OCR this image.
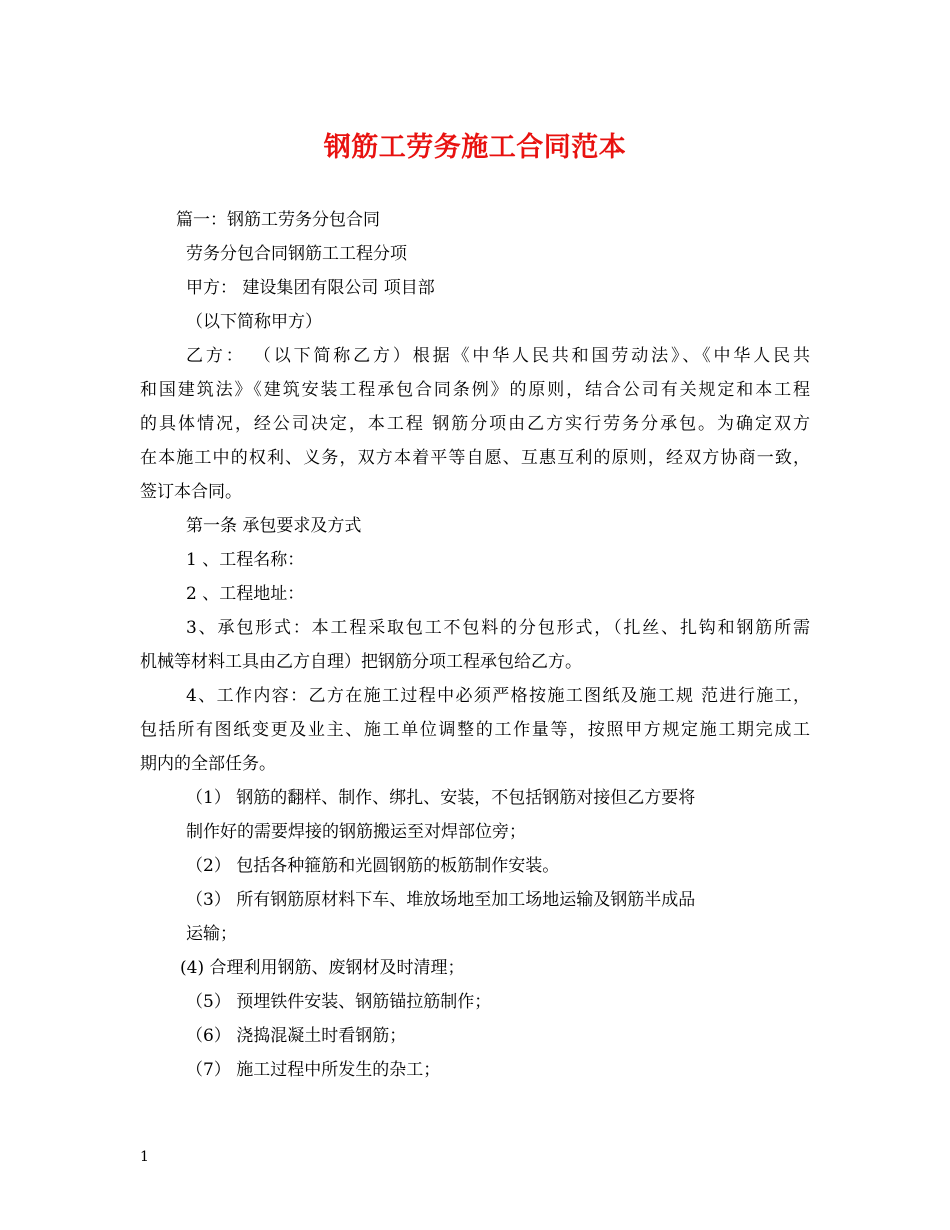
钢筋工劳务施工合同范本

篇一：钢筋工劳务分包合同

劳务分包合同钢筋工工程分项

甲方： 建设集团有限公司 项目部

（以下简称甲方）

乙方： （以下简称乙方）根据《中华人民共和国劳动法》、《中华人民共

和国建筑法》《建筑安装工程承包合同条例》的原则，结合公司有关规定和本工程

的具体情况，经公司决定，本工程 钢筋分项由乙方实行劳务分承包。为确定双方

在本施工中的权利、义务，双方本着平等自愿、互惠互利的原则，经双方协商一致，

签订本合同。

第一条 承包要求及方式

1 、工程名称：

2 、工程地址：

3、承包形式：本工程采取包工不包料的分包形式，（扎丝、扎钩和钢筋所需

机械等材料工具由乙方自理）把钢筋分项工程承包给乙方。

4、工作内容：乙方在施工过程中必须严格按施工图纸及施工规 范进行施工，

包括所有图纸变更及业主、施工单位调整的工作量等，按照甲方规定施工期完成工

期内的全部任务。

（1） 钢筋的翻样、制作、绑扎、安装，不包括钢筋对接但乙方要将

制作好的需要焊接的钢筋搬运至对焊部位旁；

（2） 包括各种箍筋和光圆钢筋的板筋制作安装。

（3） 所有钢筋原材料下车、堆放场地至加工场地运输及钢筋半成品

运输；

(4) 合理利用钢筋、废钢材及时清理；

（5） 预埋铁件安装、钢筋锚拉筋制作；

（6） 浇捣混凝土时看钢筋；

（7） 施工过程中所发生的杂工；

1
